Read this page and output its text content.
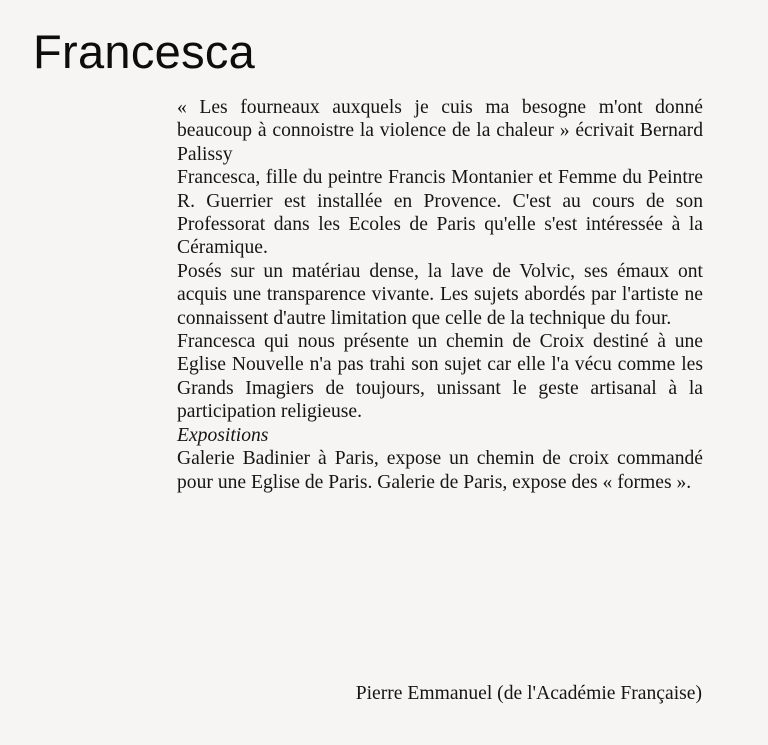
Francesca

« Les fourneaux auxquels je cuis ma besogne m'ont donné beaucoup à connoistre la violence de la chaleur » écrivait Bernard Palissy

Francesca, fille du peintre Francis Montanier et Femme du Peintre R. Guerrier est installée en Provence. C'est au cours de son Professorat dans les Ecoles de Paris qu'elle s'est intéressée à la Céramique.

Posés sur un matériau dense, la lave de Volvic, ses émaux ont acquis une transparence vivante. Les sujets abordés par l'artiste ne connaissent d'autre limitation que celle de la technique du four.

Francesca qui nous présente un chemin de Croix destiné à une Eglise Nouvelle n'a pas trahi son sujet car elle l'a vécu comme les Grands Imagiers de toujours, unissant le geste artisanal à la participation religieuse.

Expositions

Galerie Badinier à Paris, expose un chemin de croix commandé pour une Eglise de Paris. Galerie de Paris, expose des « formes ».

Pierre Emmanuel (de l'Académie Française)
